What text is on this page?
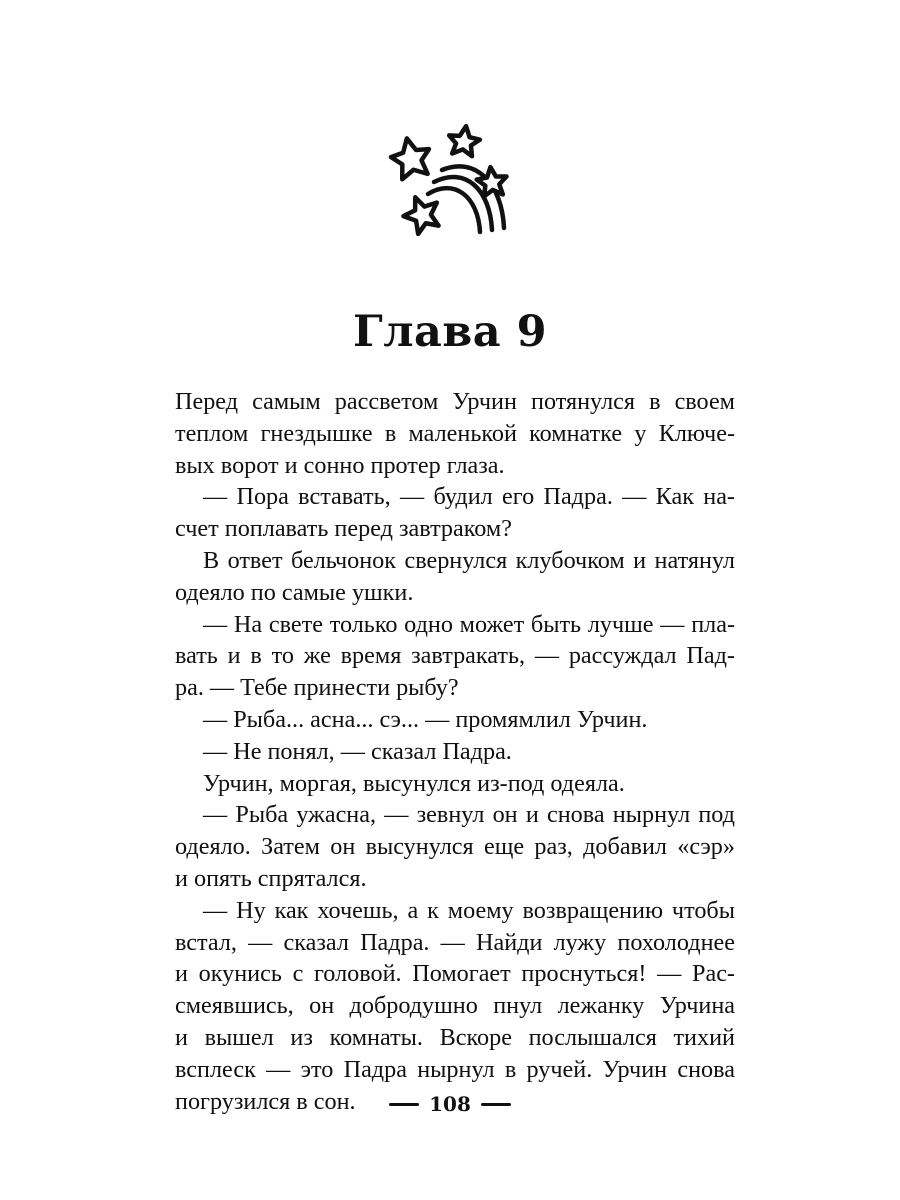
Глава 9
Перед самым рассветом Урчин потянулся в своем
теплом гнездышке в маленькой комнатке у Ключе-
вых ворот и сонно протер глаза.
— Пора вставать, — будил его Падра. — Как на-
счет поплавать перед завтраком?
В ответ бельчонок свернулся клубочком и натянул
одеяло по самые ушки.
— На свете только одно может быть лучше — пла-
вать и в то же время завтракать, — рассуждал Пад-
ра. — Тебе принести рыбу?
— Рыба... асна... сэ... — промямлил Урчин.
— Не понял, — сказал Падра.
Урчин, моргая, высунулся из-под одеяла.
— Рыба ужасна, — зевнул он и снова нырнул под
одеяло. Затем он высунулся еще раз, добавил «сэр»
и опять спрятался.
— Ну как хочешь, а к моему возвращению чтобы
встал, — сказал Падра. — Найди лужу похолоднее
и окунись с головой. Помогает проснуться! — Рас-
смеявшись, он добродушно пнул лежанку Урчина
и вышел из комнаты. Вскоре послышался тихий
всплеск — это Падра нырнул в ручей. Урчин снова
погрузился в сон.	108
